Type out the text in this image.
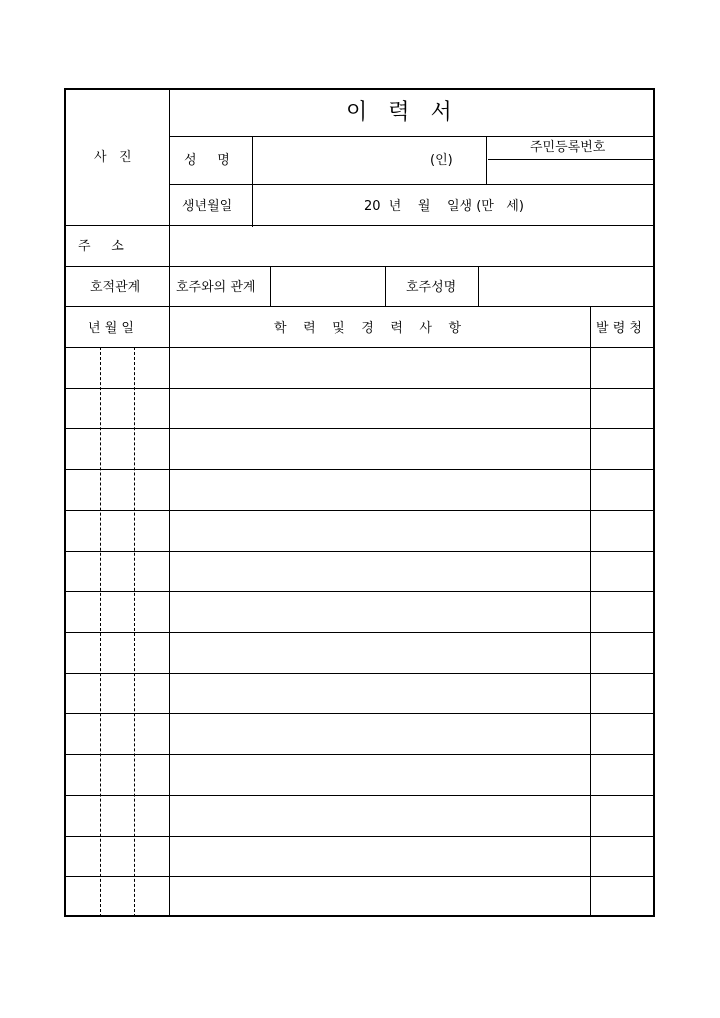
이   력   서
사   진	성     명	(인)
주민등록번호
생년월일	20  년    월    일생 (만   세)
주     소
호적관계	호주와의 관계	호주성명
년 월 일	학    력    및    경    력    사    항	발 령 청
